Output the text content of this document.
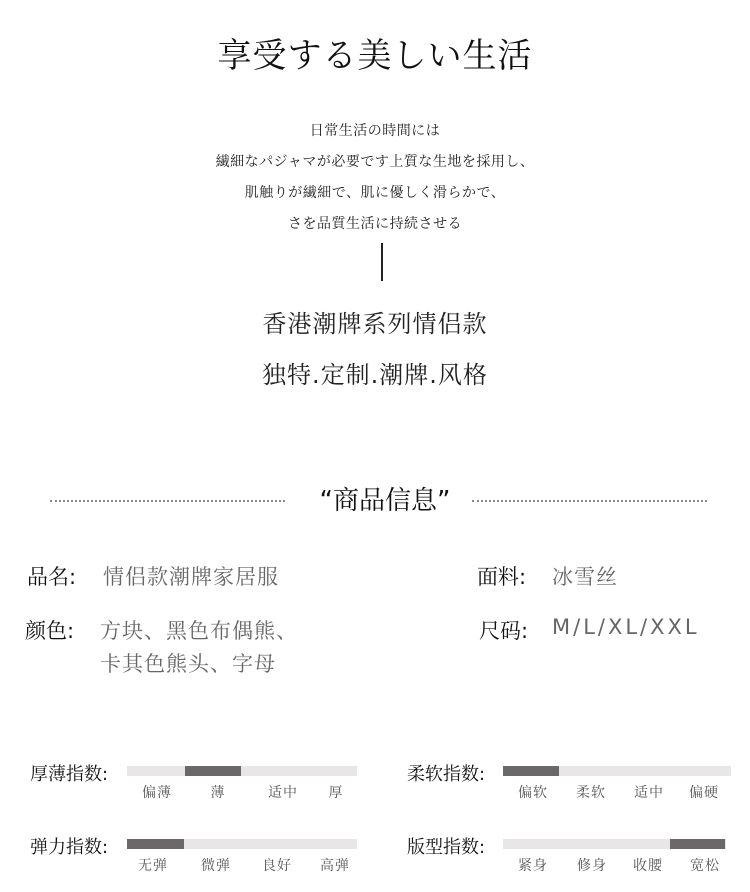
享受する美しい生活
日常生活の時間には
繊細なパジャマが必要です上質な生地を採用し、
肌触りが繊細で、肌に優しく滑らかで、
さを品質生活に持続させる
香港潮牌系列情侣款
独特.定制.潮牌.风格
“商品信息”
品名: 情侣款潮牌家居服	面料: 冰雪丝
颜色: 方块、黑色布偶熊、
卡其色熊头、字母
尺码: M/L/XL/XXL
厚薄指数:
偏薄	薄	适中	厚
柔软指数:
偏软	柔软	适中	偏硬
弹力指数:
无弹	微弹	良好	高弹
版型指数:
紧身	修身	收腰	宽松
